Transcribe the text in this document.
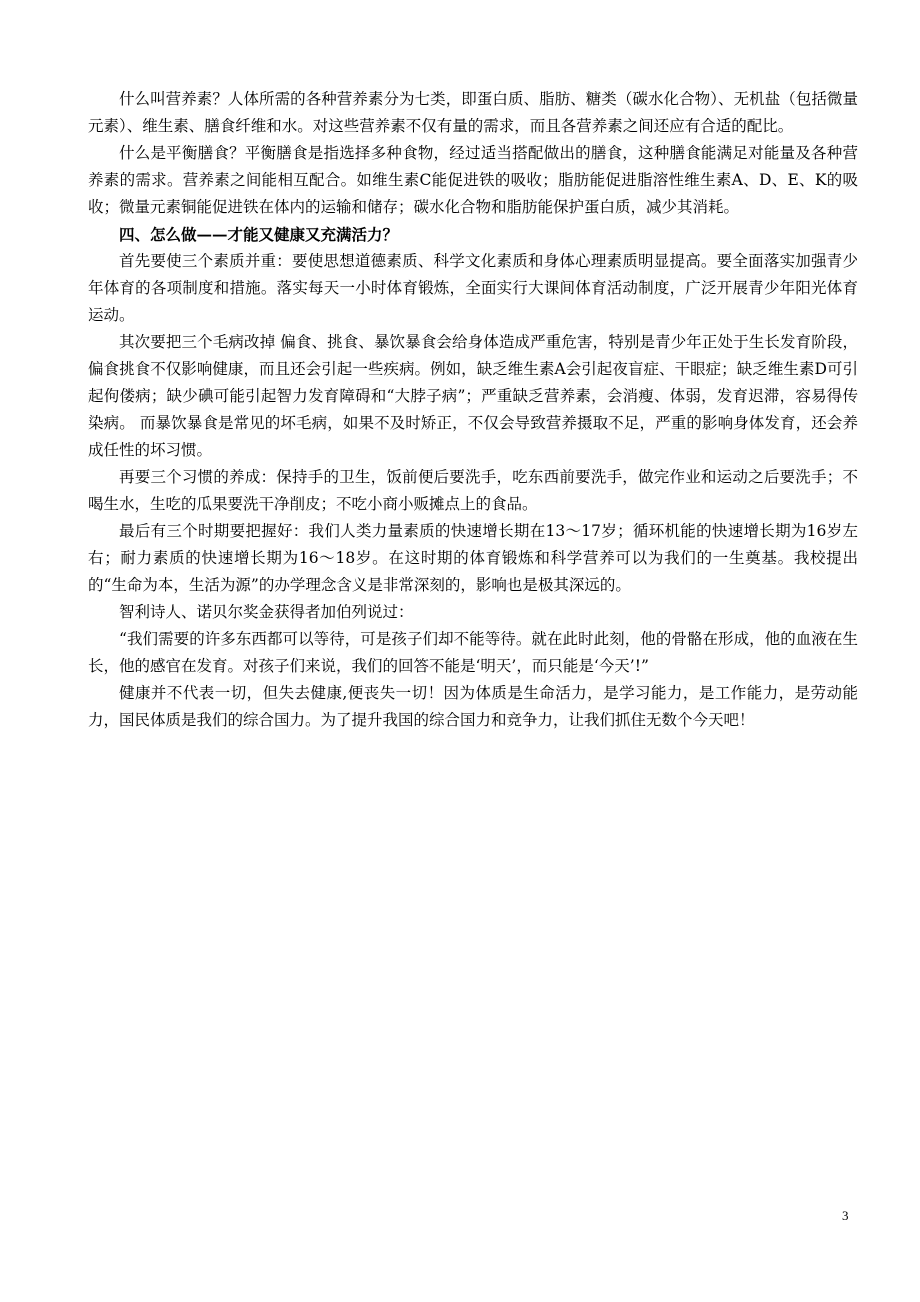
什么叫营养素？人体所需的各种营养素分为七类，即蛋白质、脂肪、糖类（碳水化合物）、无机盐（包括微量元素）、维生素、膳食纤维和水。对这些营养素不仅有量的需求，而且各营养素之间还应有合适的配比。

什么是平衡膳食？平衡膳食是指选择多种食物，经过适当搭配做出的膳食，这种膳食能满足对能量及各种营养素的需求。营养素之间能相互配合。如维生素C能促进铁的吸收；脂肪能促进脂溶性维生素A、D、E、K的吸收；微量元素铜能促进铁在体内的运输和储存；碳水化合物和脂肪能保护蛋白质，减少其消耗。

四、怎么做——才能又健康又充满活力？

首先要使三个素质并重：要使思想道德素质、科学文化素质和身体心理素质明显提高。要全面落实加强青少年体育的各项制度和措施。落实每天一小时体育锻炼，全面实行大课间体育活动制度，广泛开展青少年阳光体育运动。

其次要把三个毛病改掉 偏食、挑食、暴饮暴食会给身体造成严重危害，特别是青少年正处于生长发育阶段，偏食挑食不仅影响健康，而且还会引起一些疾病。例如，缺乏维生素A会引起夜盲症、干眼症；缺乏维生素D可引起佝偻病；缺少碘可能引起智力发育障碍和“大脖子病”；严重缺乏营养素，会消瘦、体弱，发育迟滞，容易得传染病。 而暴饮暴食是常见的坏毛病，如果不及时矫正，不仅会导致营养摄取不足，严重的影响身体发育，还会养成任性的坏习惯。

再要三个习惯的养成：保持手的卫生，饭前便后要洗手，吃东西前要洗手，做完作业和运动之后要洗手；不喝生水，生吃的瓜果要洗干净削皮；不吃小商小贩摊点上的食品。

最后有三个时期要把握好：我们人类力量素质的快速增长期在13～17岁；循环机能的快速增长期为16岁左右；耐力素质的快速增长期为16～18岁。在这时期的体育锻炼和科学营养可以为我们的一生奠基。我校提出的“生命为本，生活为源”的办学理念含义是非常深刻的，影响也是极其深远的。

智利诗人、诺贝尔奖金获得者加伯列说过：

“我们需要的许多东西都可以等待，可是孩子们却不能等待。就在此时此刻，他的骨骼在形成，他的血液在生长，他的感官在发育。对孩子们来说，我们的回答不能是‘明天’，而只能是‘今天’!”

健康并不代表一切，但失去健康,便丧失一切！因为体质是生命活力，是学习能力，是工作能力，是劳动能力，国民体质是我们的综合国力。为了提升我国的综合国力和竞争力，让我们抓住无数个今天吧！

3
